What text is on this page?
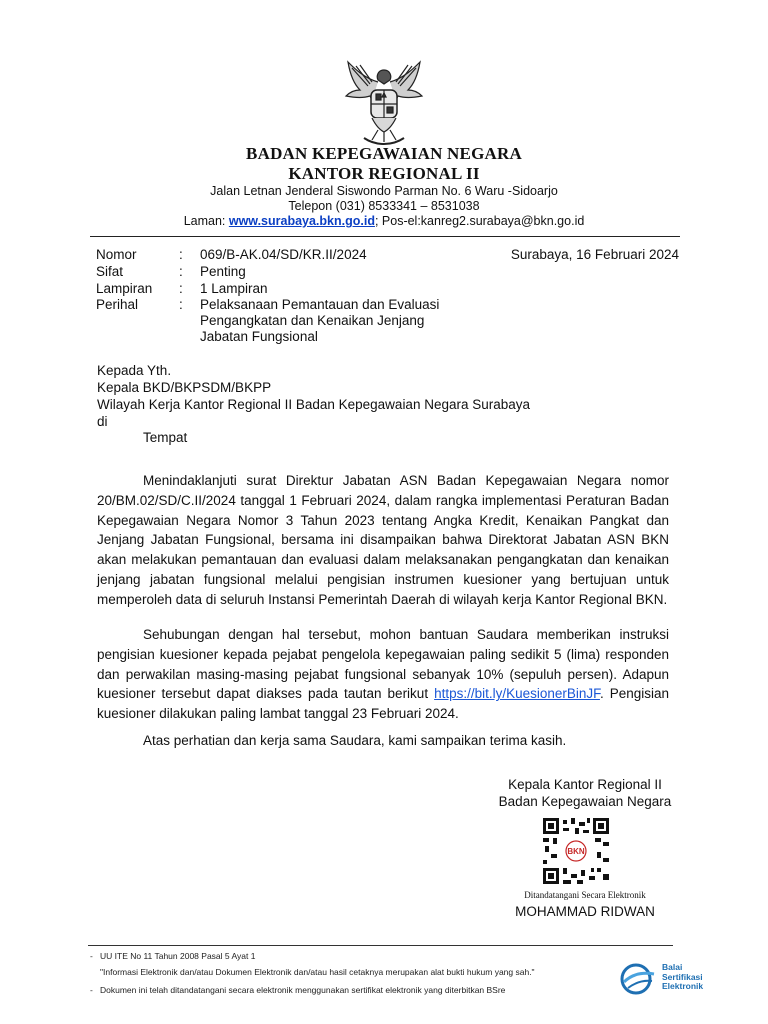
BADAN KEPEGAWAIAN NEGARA
KANTOR REGIONAL II
Jalan Letnan Jenderal Siswondo Parman No. 6 Waru -Sidoarjo
Telepon (031) 8533341 – 8531038
Laman: www.surabaya.bkn.go.id; Pos-el:kanreg2.surabaya@bkn.go.id
Nomor	: 069/B-AK.04/SD/KR.II/2024	Surabaya, 16 Februari 2024
Sifat	: Penting
Lampiran : 1 Lampiran
Perihal	: Pelaksanaan Pemantauan dan Evaluasi
Pengangkatan dan Kenaikan Jenjang
Jabatan Fungsional
Kepada Yth.
Kepala BKD/BKPSDM/BKPP
Wilayah Kerja Kantor Regional II Badan Kepegawaian Negara Surabaya
di
Tempat
Menindaklanjuti surat Direktur Jabatan ASN Badan Kepegawaian Negara nomor 20/BM.02/SD/C.II/2024 tanggal 1 Februari 2024, dalam rangka implementasi Peraturan Badan Kepegawaian Negara Nomor 3 Tahun 2023 tentang Angka Kredit, Kenaikan Pangkat dan Jenjang Jabatan Fungsional, bersama ini disampaikan bahwa Direktorat Jabatan ASN BKN akan melakukan pemantauan dan evaluasi dalam melaksanakan pengangkatan dan kenaikan jenjang jabatan fungsional melalui pengisian instrumen kuesioner yang bertujuan untuk memperoleh data di seluruh Instansi Pemerintah Daerah di wilayah kerja Kantor Regional BKN.
Sehubungan dengan hal tersebut, mohon bantuan Saudara memberikan instruksi pengisian kuesioner kepada pejabat pengelola kepegawaian paling sedikit 5 (lima) responden dan perwakilan masing-masing pejabat fungsional sebanyak 10% (sepuluh persen). Adapun kuesioner tersebut dapat diakses pada tautan berikut https://bit.ly/KuesionerBinJF. Pengisian kuesioner dilakukan paling lambat tanggal 23 Februari 2024.
Atas perhatian dan kerja sama Saudara, kami sampaikan terima kasih.
Kepala Kantor Regional II
Badan Kepegawaian Negara
BKN
Ditandatangani Secara Elektronik
MOHAMMAD RIDWAN
- UU ITE No 11 Tahun 2008 Pasal 5 Ayat 1
"Informasi Elektronik dan/atau Dokumen Elektronik dan/atau hasil cetaknya merupakan alat bukti hukum yang sah."
- Dokumen ini telah ditandatangani secara elektronik menggunakan sertifikat elektronik yang diterbitkan BSre
Balai
Sertifikasi
Elektronik
